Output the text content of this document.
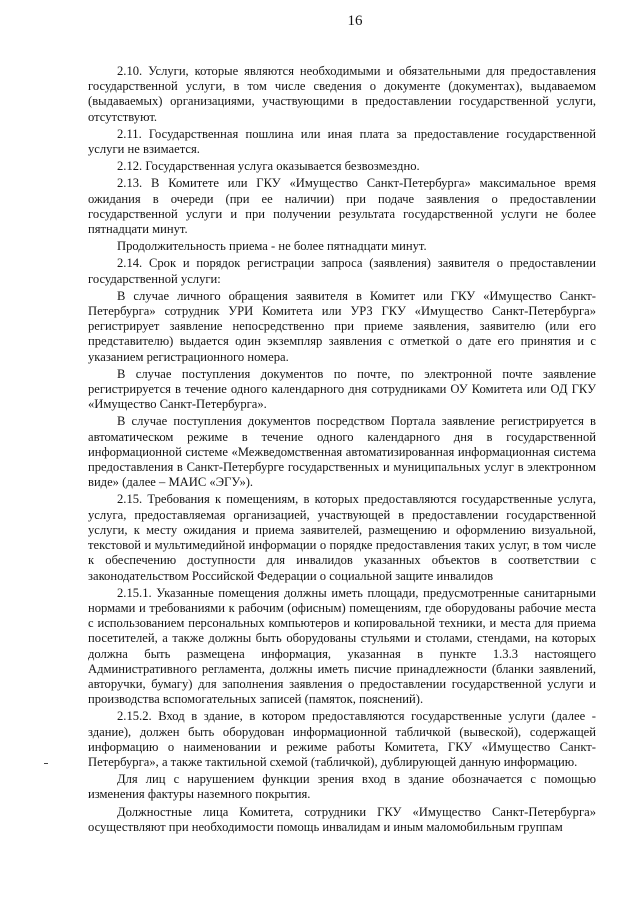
16

2.10. Услуги, которые являются необходимыми и обязательными для предоставления государственной услуги, в том числе сведения о документе (документах), выдаваемом (выдаваемых) организациями, участвующими в предоставлении государственной услуги, отсутствуют.

2.11. Государственная пошлина или иная плата за предоставление государственной услуги не взимается.

2.12. Государственная услуга оказывается безвозмездно.

2.13. В Комитете или ГКУ «Имущество Санкт-Петербурга» максимальное время ожидания в очереди (при ее наличии) при подаче заявления о предоставлении государственной услуги и при получении результата государственной услуги не более пятнадцати минут.

Продолжительность приема - не более пятнадцати минут.

2.14. Срок и порядок регистрации запроса (заявления) заявителя о предоставлении государственной услуги:

В случае личного обращения заявителя в Комитет или ГКУ «Имущество Санкт-Петербурга» сотрудник УРИ Комитета или УРЗ ГКУ «Имущество Санкт-Петербурга» регистрирует заявление непосредственно при приеме заявления, заявителю (или его представителю) выдается один экземпляр заявления с отметкой о дате его принятия и с указанием регистрационного номера.

В случае поступления документов по почте, по электронной почте заявление регистрируется в течение одного календарного дня сотрудниками ОУ Комитета или ОД ГКУ «Имущество Санкт-Петербурга».

В случае поступления документов посредством Портала заявление регистрируется в автоматическом режиме в течение одного календарного дня в государственной информационной системе «Межведомственная автоматизированная информационная система предоставления в Санкт-Петербурге государственных и муниципальных услуг в электронном виде» (далее – МАИС «ЭГУ»).

2.15. Требования к помещениям, в которых предоставляются государственные услуга, услуга, предоставляемая организацией, участвующей в предоставлении государственной услуги, к месту ожидания и приема заявителей, размещению и оформлению визуальной, текстовой и мультимедийной информации о порядке предоставления таких услуг, в том числе к обеспечению доступности для инвалидов указанных объектов в соответствии с законодательством Российской Федерации о социальной защите инвалидов

2.15.1. Указанные помещения должны иметь площади, предусмотренные санитарными нормами и требованиями к рабочим (офисным) помещениям, где оборудованы рабочие места с использованием персональных компьютеров и копировальной техники, и места для приема посетителей, а также должны быть оборудованы стульями и столами, стендами, на которых должна быть размещена информация, указанная в пункте 1.3.3 настоящего Административного регламента, должны иметь писчие принадлежности (бланки заявлений, авторучки, бумагу) для заполнения заявления о предоставлении государственной услуги и производства вспомогательных записей (памяток, пояснений).

2.15.2. Вход в здание, в котором предоставляются государственные услуги (далее - здание), должен быть оборудован информационной табличкой (вывеской), содержащей информацию о наименовании и режиме работы Комитета, ГКУ «Имущество Санкт-Петербурга», а также тактильной схемой (табличкой), дублирующей данную информацию.

Для лиц с нарушением функции зрения вход в здание обозначается с помощью изменения фактуры наземного покрытия.

Должностные лица Комитета, сотрудники ГКУ «Имущество Санкт-Петербурга» осуществляют при необходимости помощь инвалидам и иным маломобильным группам
